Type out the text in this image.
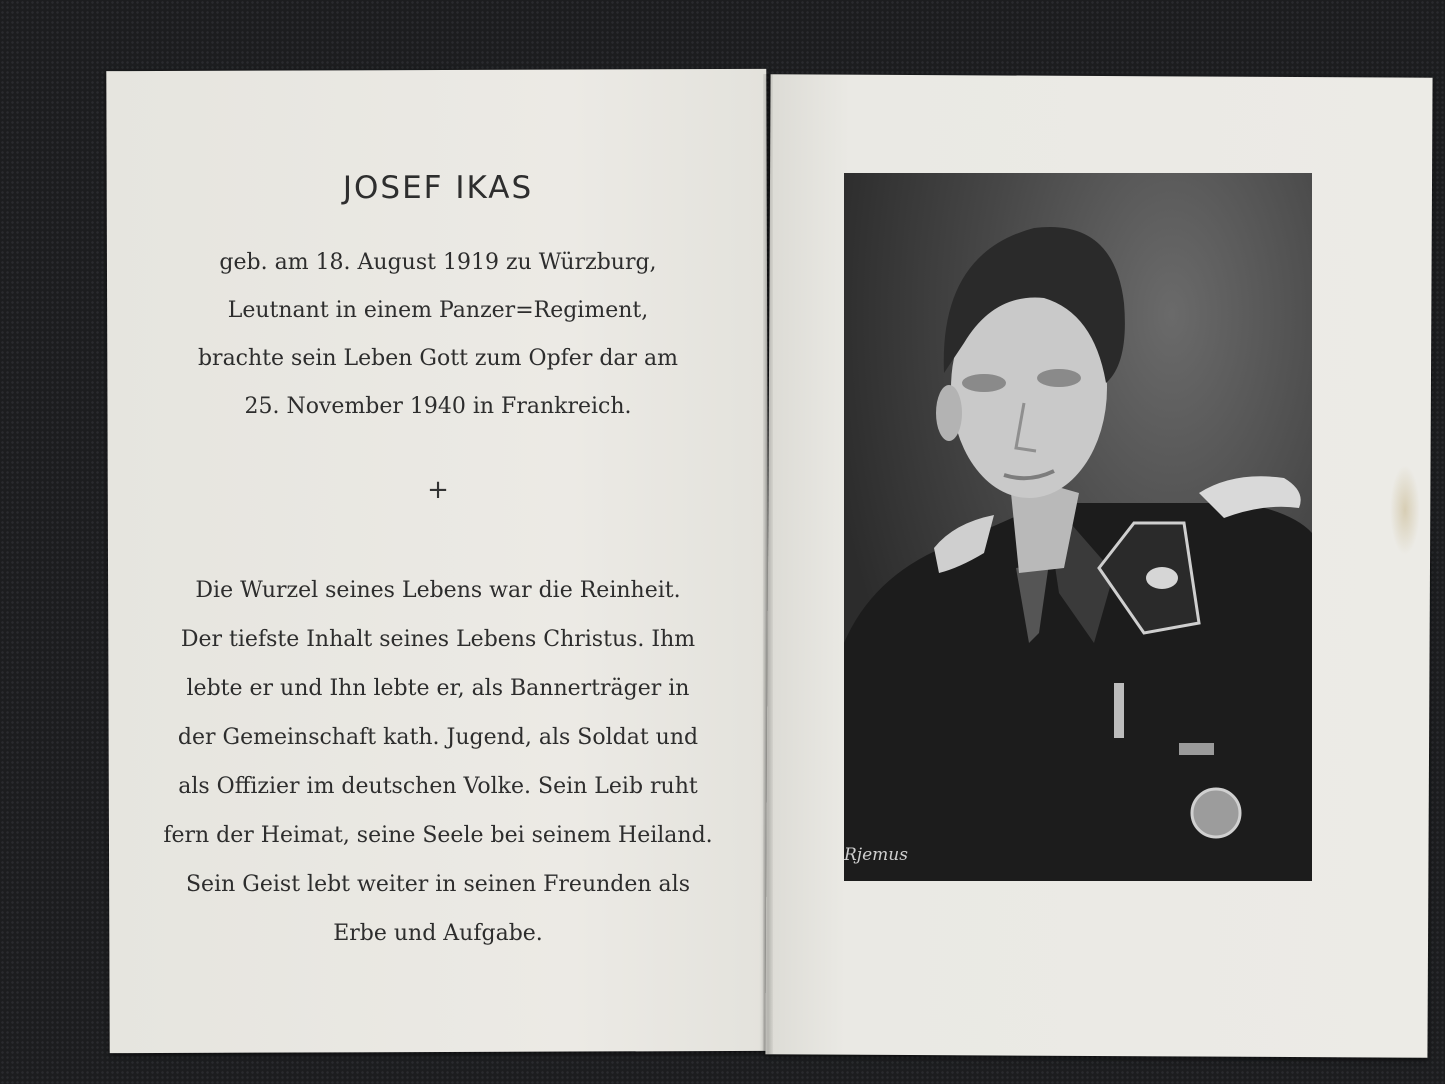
JOSEF IKAS
geb. am 18. August 1919 zu Würzburg,
Leutnant in einem Panzer=Regiment,
brachte sein Leben Gott zum Opfer dar am
25. November 1940 in Frankreich.
+
Die Wurzel seines Lebens war die Reinheit.
Der tiefste Inhalt seines Lebens Christus. Ihm
lebte er und Ihn lebte er, als Bannerträger in
der Gemeinschaft kath. Jugend, als Soldat und
als Offizier im deutschen Volke. Sein Leib ruht
fern der Heimat, seine Seele bei seinem Heiland.
Sein Geist lebt weiter in seinen Freunden als
Erbe und Aufgabe.
Rjemus
